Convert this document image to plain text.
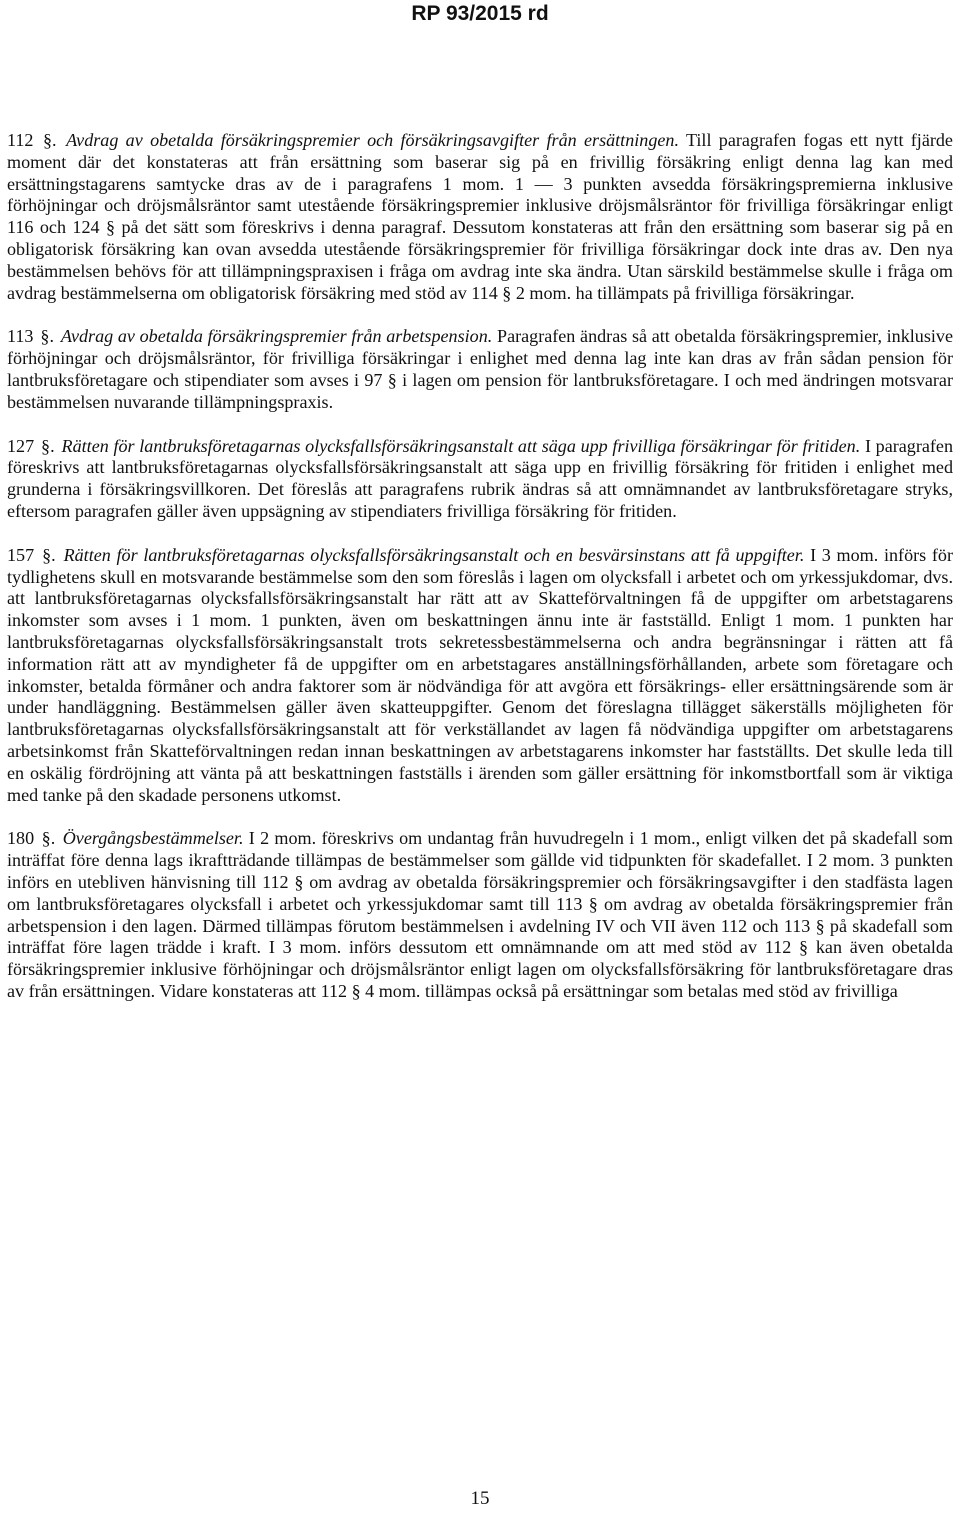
RP 93/2015 rd

112 §. Avdrag av obetalda försäkringspremier och försäkringsavgifter från ersättningen. Till paragrafen fogas ett nytt fjärde moment där det konstateras att från ersättning som baserar sig på en frivillig försäkring enligt denna lag kan med ersättningstagarens samtycke dras av de i paragrafens 1 mom. 1 — 3 punkten avsedda försäkringspremierna inklusive förhöjningar och dröjsmålsräntor samt utestående försäkringspremier inklusive dröjsmålsräntor för frivilliga försäkringar enligt 116 och 124 § på det sätt som föreskrivs i denna paragraf. Dessutom konstateras att från den ersättning som baserar sig på en obligatorisk försäkring kan ovan avsedda utestående försäkringspremier för frivilliga försäkringar dock inte dras av. Den nya bestämmelsen behövs för att tillämpningspraxisen i fråga om avdrag inte ska ändra. Utan särskild bestämmelse skulle i fråga om avdrag bestämmelserna om obligatorisk försäkring med stöd av 114 § 2 mom. ha tillämpats på frivilliga försäkringar.

113 §. Avdrag av obetalda försäkringspremier från arbetspension. Paragrafen ändras så att obetalda försäkringspremier, inklusive förhöjningar och dröjsmålsräntor, för frivilliga försäkringar i enlighet med denna lag inte kan dras av från sådan pension för lantbruksföretagare och stipendiater som avses i 97 § i lagen om pension för lantbruksföretagare. I och med ändringen motsvarar bestämmelsen nuvarande tillämpningspraxis.

127 §. Rätten för lantbruksföretagarnas olycksfallsförsäkringsanstalt att säga upp frivilliga försäkringar för fritiden. I paragrafen föreskrivs att lantbruksföretagarnas olycksfallsförsäkringsanstalt att säga upp en frivillig försäkring för fritiden i enlighet med grunderna i försäkringsvillkoren. Det föreslås att paragrafens rubrik ändras så att omnämnandet av lantbruksföretagare stryks, eftersom paragrafen gäller även uppsägning av stipendiaters frivilliga försäkring för fritiden.

157 §. Rätten för lantbruksföretagarnas olycksfallsförsäkringsanstalt och en besvärsinstans att få uppgifter. I 3 mom. införs för tydlighetens skull en motsvarande bestämmelse som den som föreslås i lagen om olycksfall i arbetet och om yrkessjukdomar, dvs. att lantbruksföretagarnas olycksfallsförsäkringsanstalt har rätt att av Skatteförvaltningen få de uppgifter om arbetstagarens inkomster som avses i 1 mom. 1 punkten, även om beskattningen ännu inte är fastställd. Enligt 1 mom. 1 punkten har lantbruksföretagarnas olycksfallsförsäkringsanstalt trots sekretessbestämmelserna och andra begränsningar i rätten att få information rätt att av myndigheter få de uppgifter om en arbetstagares anställningsförhållanden, arbete som företagare och inkomster, betalda förmåner och andra faktorer som är nödvändiga för att avgöra ett försäkrings- eller ersättningsärende som är under handläggning. Bestämmelsen gäller även skatteuppgifter. Genom det föreslagna tillägget säkerställs möjligheten för lantbruksföretagarnas olycksfallsförsäkringsanstalt att för verkställandet av lagen få nödvändiga uppgifter om arbetstagarens arbetsinkomst från Skatteförvaltningen redan innan beskattningen av arbetstagarens inkomster har fastställts. Det skulle leda till en oskälig fördröjning att vänta på att beskattningen fastställs i ärenden som gäller ersättning för inkomstbortfall som är viktiga med tanke på den skadade personens utkomst.

180 §. Övergångsbestämmelser. I 2 mom. föreskrivs om undantag från huvudregeln i 1 mom., enligt vilken det på skadefall som inträffat före denna lags ikraftträdande tillämpas de bestämmelser som gällde vid tidpunkten för skadefallet. I 2 mom. 3 punkten införs en utebliven hänvisning till 112 § om avdrag av obetalda försäkringspremier och försäkringsavgifter i den stadfästa lagen om lantbruksföretagares olycksfall i arbetet och yrkessjukdomar samt till 113 § om avdrag av obetalda försäkringspremier från arbetspension i den lagen. Därmed tillämpas förutom bestämmelsen i avdelning IV och VII även 112 och 113 § på skadefall som inträffat före lagen trädde i kraft. I 3 mom. införs dessutom ett omnämnande om att med stöd av 112 § kan även obetalda försäkringspremier inklusive förhöjningar och dröjsmålsräntor enligt lagen om olycksfallsförsäkring för lantbruksföretagare dras av från ersättningen. Vidare konstateras att 112 § 4 mom. tillämpas också på ersättningar som betalas med stöd av frivilliga

15
